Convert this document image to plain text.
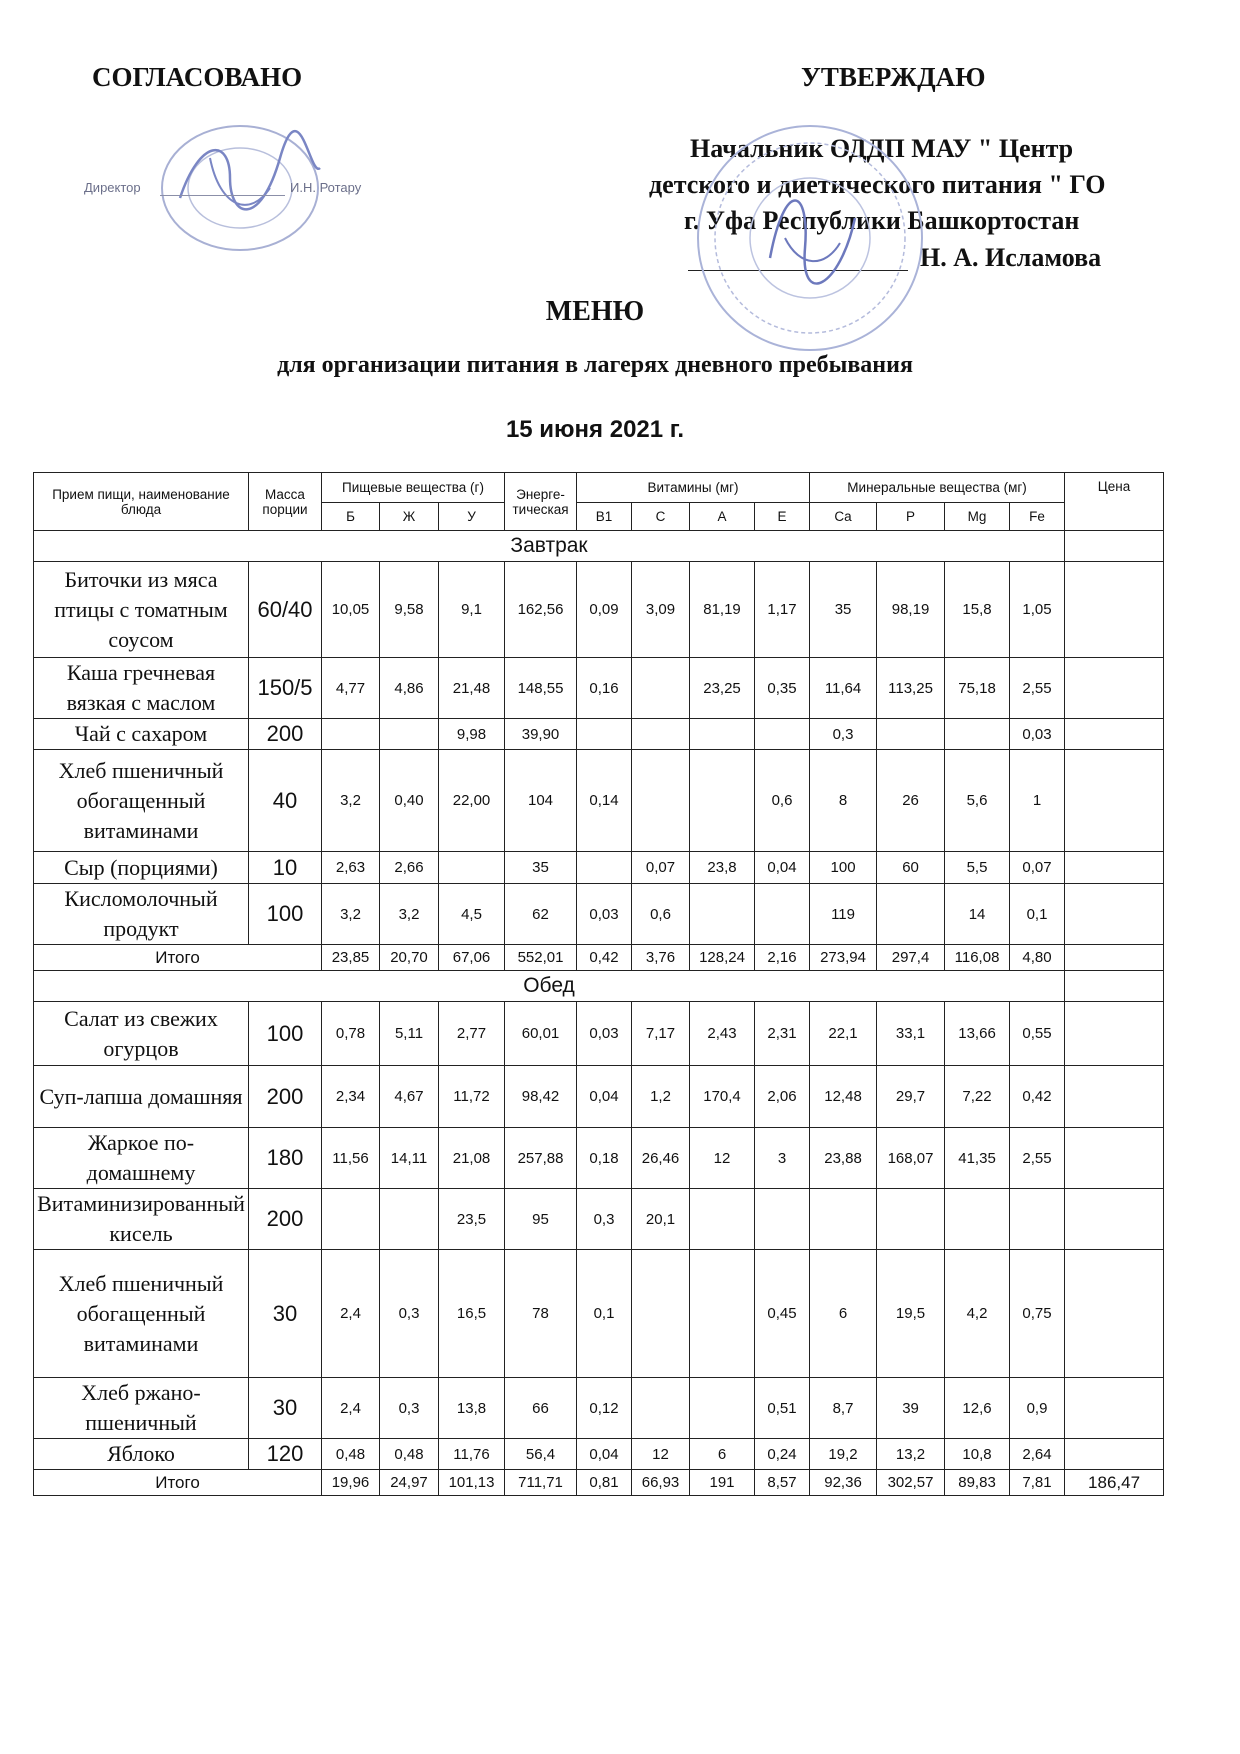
СОГЛАСОВАНО	УТВЕРЖДАЮ
Директор	И.Н. Ротару
Начальник ОДДП МАУ " Центр
детского и диетического питания " ГО
г. Уфа Республики Башкортостан
Н. А. Исламова
МЕНЮ
для организации питания в лагерях дневного пребывания
15 июня 2021 г.
Прием пищи, наименование блюда	Масса порции	Пищевые вещества (г)			Энерге-тическая	Витамины (мг)				Минеральные вещества (мг)				Цена
		Б	Ж	У		В1	С	А	Е	Ca	P	Mg	Fe	
Завтрак														
Биточки из мяса птицы с томатным соусом	60/40	10,05	9,58	9,1	162,56	0,09	3,09	81,19	1,17	35	98,19	15,8	1,05	
Каша гречневая вязкая с маслом	150/5	4,77	4,86	21,48	148,55	0,16		23,25	0,35	11,64	113,25	75,18	2,55	
Чай с сахаром	200			9,98	39,90					0,3			0,03	
Хлеб пшеничный обогащенный витаминами	40	3,2	0,40	22,00	104	0,14			0,6	8	26	5,6	1	
Сыр (порциями)	10	2,63	2,66		35		0,07	23,8	0,04	100	60	5,5	0,07	
Кисломолочный продукт	100	3,2	3,2	4,5	62	0,03	0,6			119		14	0,1	
Итого		23,85	20,70	67,06	552,01	0,42	3,76	128,24	2,16	273,94	297,4	116,08	4,80	
Обед														
Салат из свежих огурцов	100	0,78	5,11	2,77	60,01	0,03	7,17	2,43	2,31	22,1	33,1	13,66	0,55	
Суп-лапша домашняя	200	2,34	4,67	11,72	98,42	0,04	1,2	170,4	2,06	12,48	29,7	7,22	0,42	
Жаркое по-домашнему	180	11,56	14,11	21,08	257,88	0,18	26,46	12	3	23,88	168,07	41,35	2,55	
Витаминизированный кисель	200			23,5	95	0,3	20,1							
Хлеб пшеничный обогащенный витаминами	30	2,4	0,3	16,5	78	0,1			0,45	6	19,5	4,2	0,75	
Хлеб ржано-пшеничный	30	2,4	0,3	13,8	66	0,12			0,51	8,7	39	12,6	0,9	
Яблоко	120	0,48	0,48	11,76	56,4	0,04	12	6	0,24	19,2	13,2	10,8	2,64	
Итого		19,96	24,97	101,13	711,71	0,81	66,93	191	8,57	92,36	302,57	89,83	7,81	186,47
